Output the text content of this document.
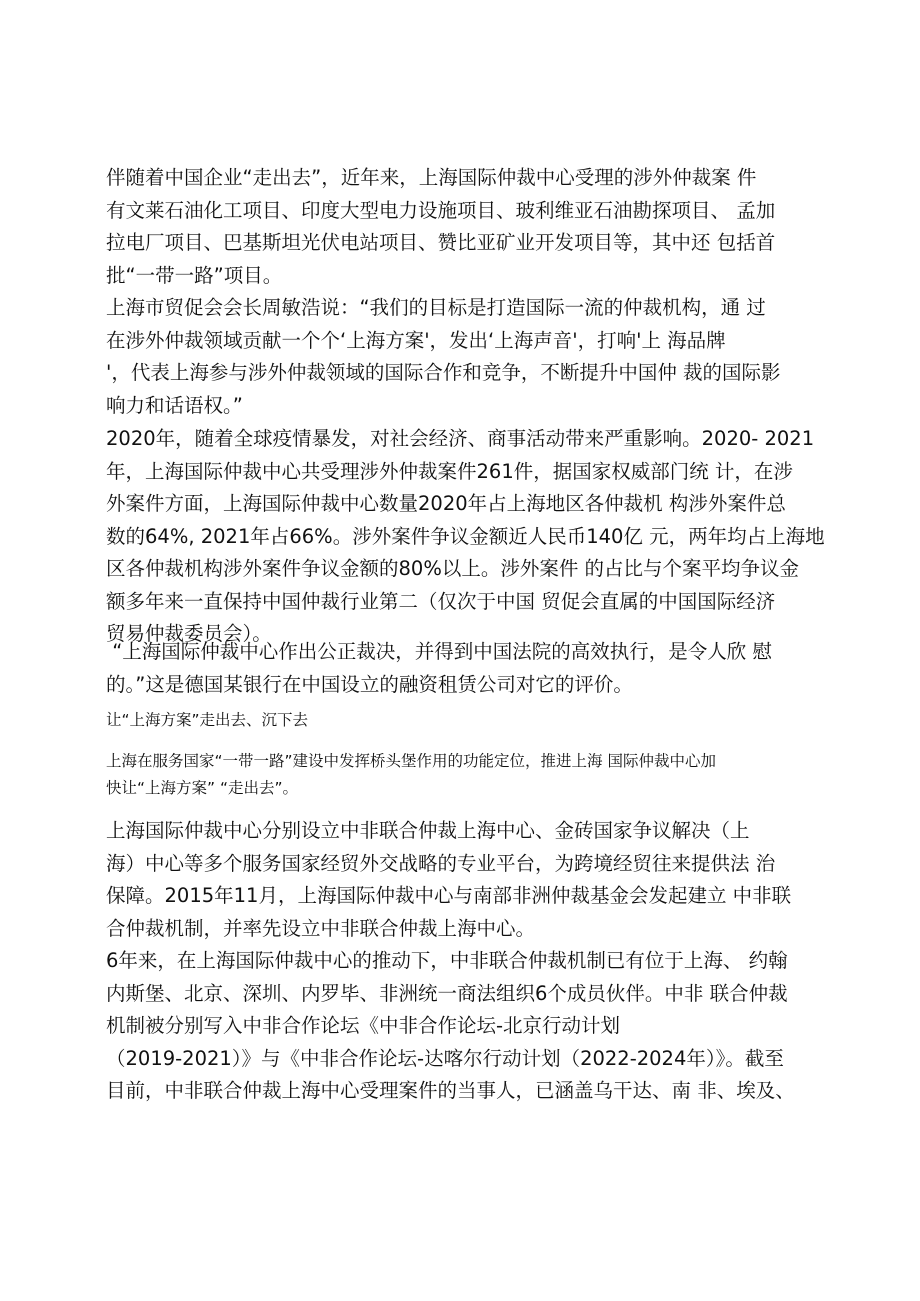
伴随着中国企业“走出去”，近年来，上海国际仲裁中心受理的涉外仲裁案 件
有文莱石油化工项目、印度大型电力设施项目、玻利维亚石油勘探项目、 孟加
拉电厂项目、巴基斯坦光伏电站项目、赞比亚矿业开发项目等，其中还 包括首
批“一带一路”项目。
上海市贸促会会长周敏浩说：“我们的目标是打造国际一流的仲裁机构，通 过
在涉外仲裁领域贡献一个个‘上海方案'，发出‘上海声音'，打响'上 海品牌
'，代表上海参与涉外仲裁领域的国际合作和竞争，不断提升中国仲 裁的国际影
响力和话语权。”
2020年，随着全球疫情暴发，对社会经济、商事活动带来严重影响。2020- 2021
年，上海国际仲裁中心共受理涉外仲裁案件261件，据国家权威部门统 计，在涉
外案件方面，上海国际仲裁中心数量2020年占上海地区各仲裁机 构涉外案件总
数的64%, 2021年占66%。涉外案件争议金额近人民币140亿 元，两年均占上海地
区各仲裁机构涉外案件争议金额的80%以上。涉外案件 的占比与个案平均争议金
额多年来一直保持中国仲裁行业第二（仅次于中国 贸促会直属的中国国际经济
贸易仲裁委员会）。
“上海国际仲裁中心作出公正裁决，并得到中国法院的高效执行，是令人欣 慰
的。”这是德国某银行在中国设立的融资租赁公司对它的评价。
让“上海方案”走出去、沉下去
上海在服务国家“一带一路”建设中发挥桥头堡作用的功能定位，推进上海 国际仲裁中心加
快让“上海方案” “走出去”。
上海国际仲裁中心分别设立中非联合仲裁上海中心、金砖国家争议解决（上
海）中心等多个服务国家经贸外交战略的专业平台，为跨境经贸往来提供法 治
保障。2015年11月，上海国际仲裁中心与南部非洲仲裁基金会发起建立 中非联
合仲裁机制，并率先设立中非联合仲裁上海中心。
6年来，在上海国际仲裁中心的推动下，中非联合仲裁机制已有位于上海、 约翰
内斯堡、北京、深圳、内罗毕、非洲统一商法组织6个成员伙伴。中非 联合仲裁
机制被分别写入中非合作论坛《中非合作论坛-北京行动计划
（2019-2021）》与《中非合作论坛-达喀尔行动计划（2022-2024年）》。截至
目前，中非联合仲裁上海中心受理案件的当事人，已涵盖乌干达、南 非、埃及、
